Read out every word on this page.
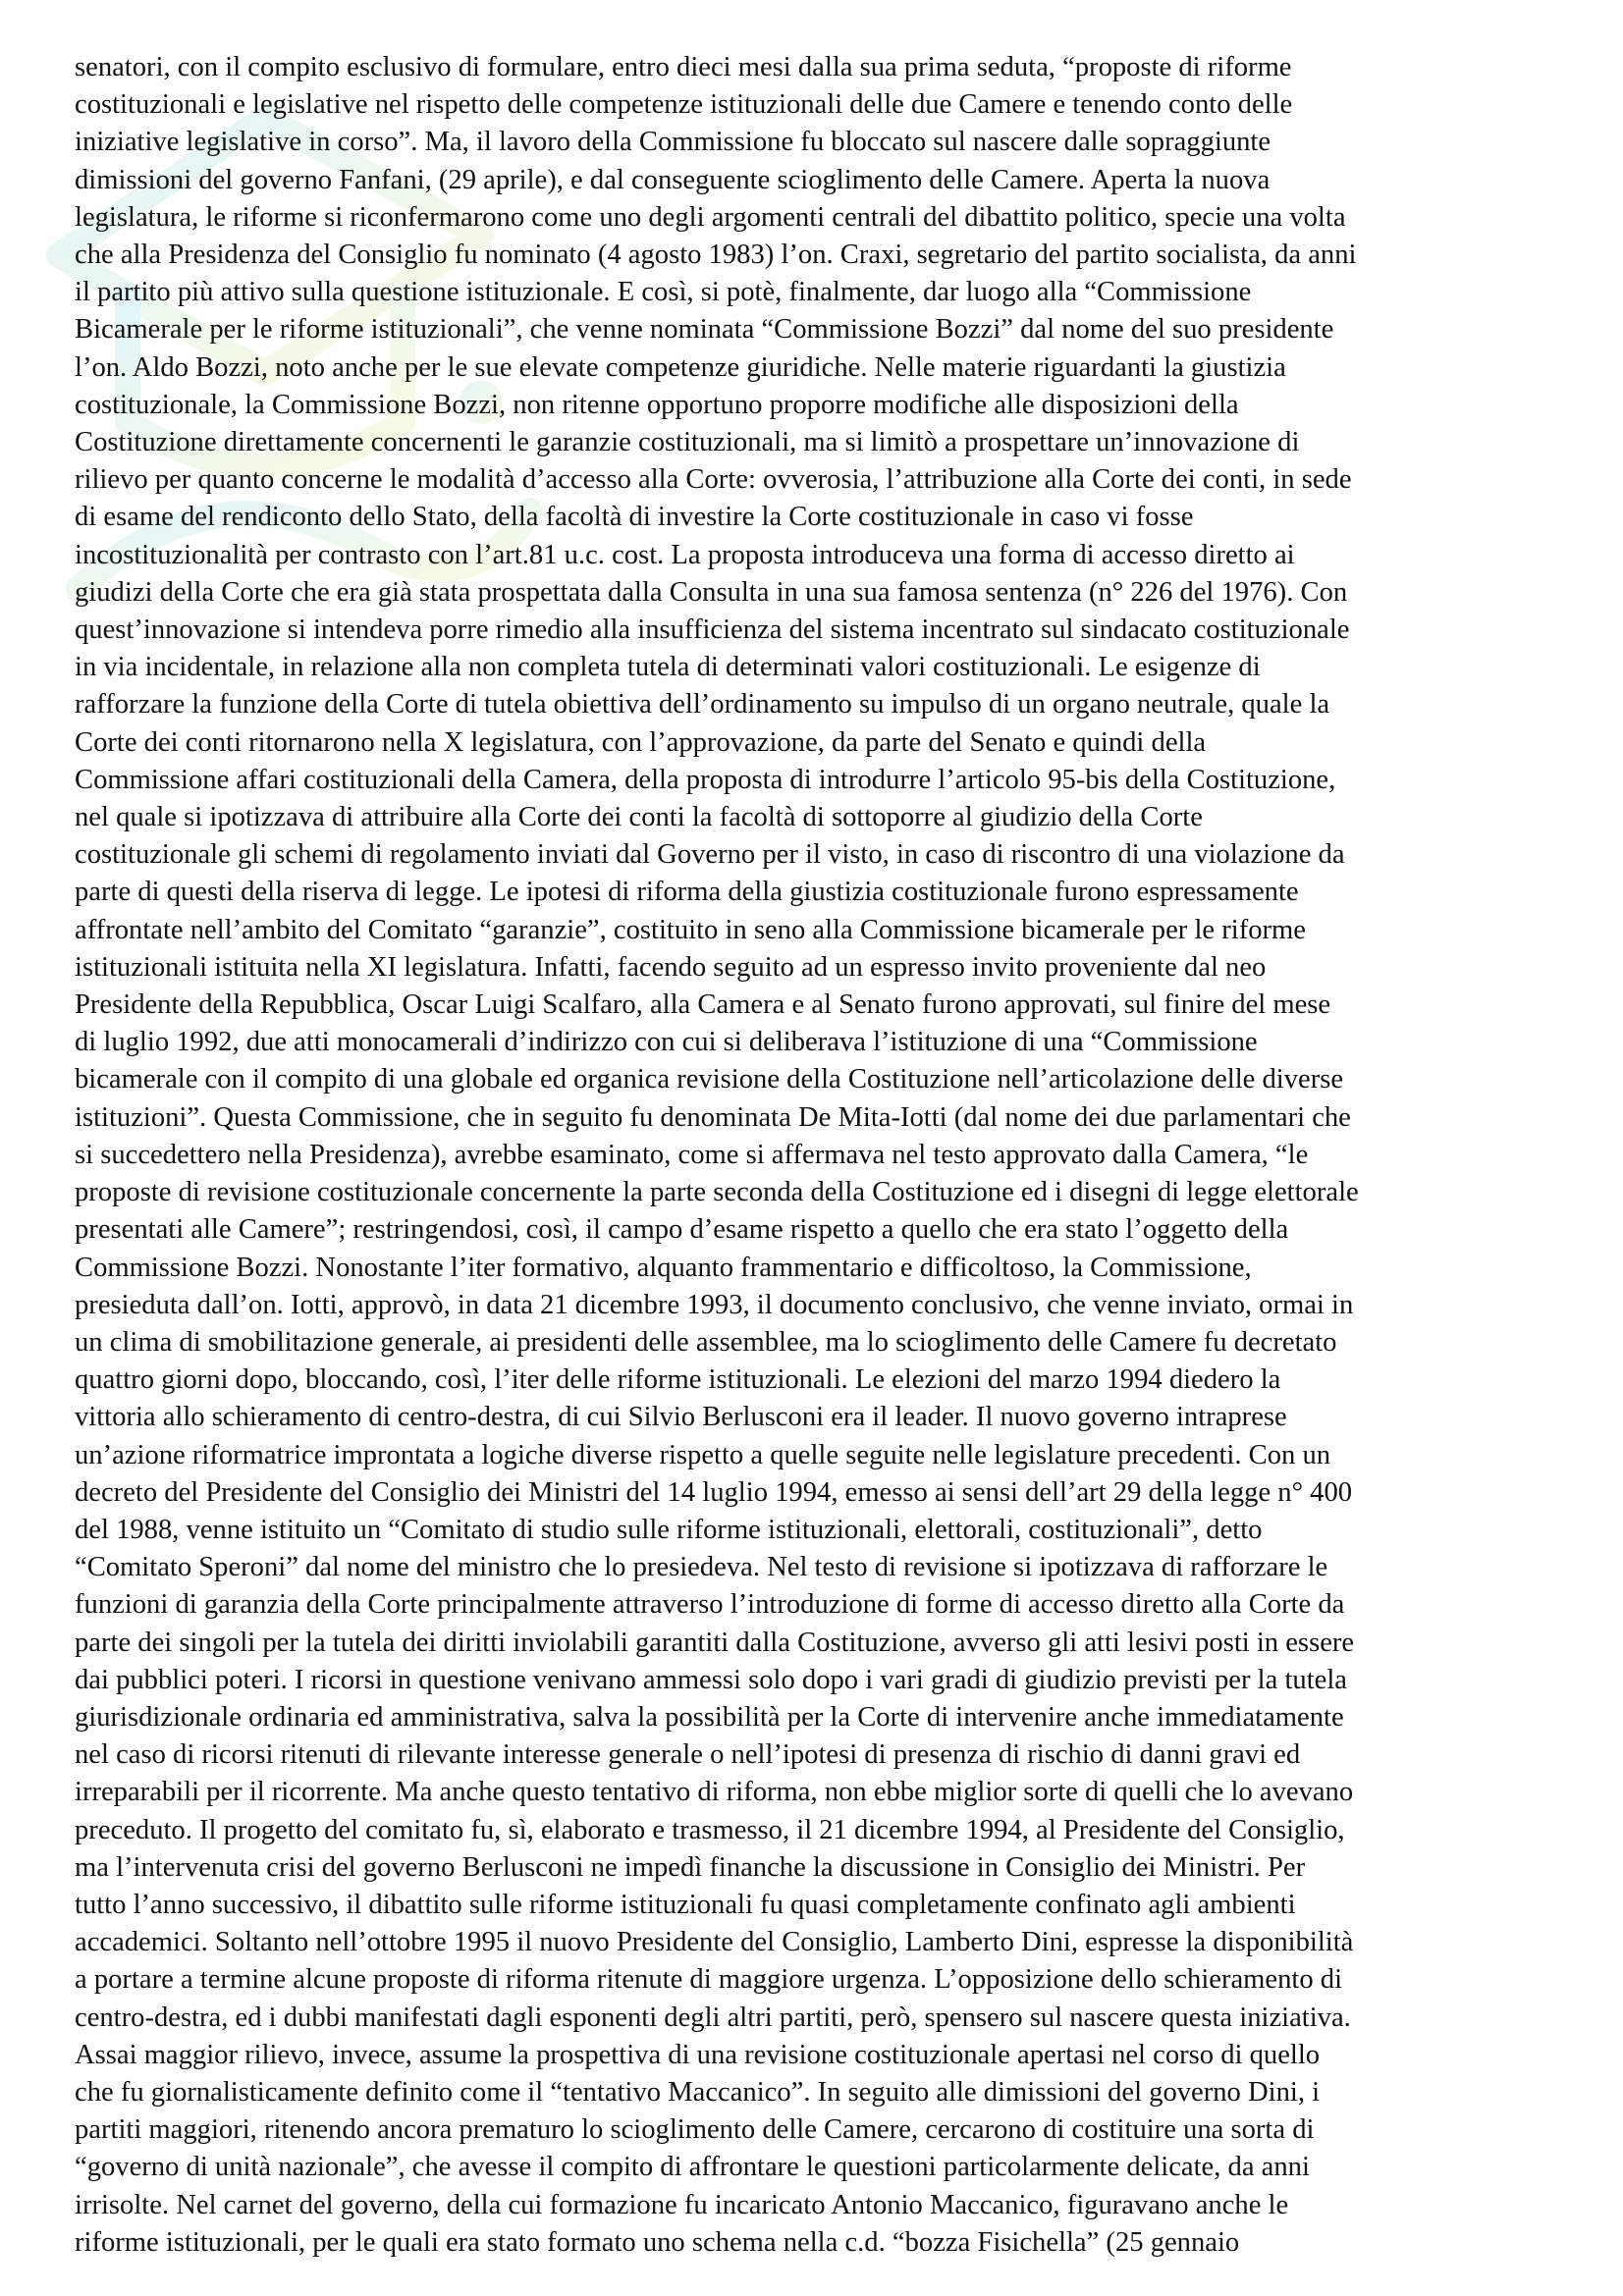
senatori, con il compito esclusivo di formulare, entro dieci mesi dalla sua prima seduta, “proposte di riforme
costituzionali e legislative nel rispetto delle competenze istituzionali delle due Camere e tenendo conto delle
iniziative legislative in corso”. Ma, il lavoro della Commissione fu bloccato sul nascere dalle sopraggiunte
dimissioni del governo Fanfani, (29 aprile), e dal conseguente scioglimento delle Camere. Aperta la nuova
legislatura, le riforme si riconfermarono come uno degli argomenti centrali del dibattito politico, specie una volta
che alla Presidenza del Consiglio fu nominato (4 agosto 1983) l’on. Craxi, segretario del partito socialista, da anni
il partito più attivo sulla questione istituzionale. E così, si potè, finalmente, dar luogo alla “Commissione
Bicamerale per le riforme istituzionali”, che venne nominata “Commissione Bozzi” dal nome del suo presidente
l’on. Aldo Bozzi, noto anche per le sue elevate competenze giuridiche. Nelle materie riguardanti la giustizia
costituzionale, la Commissione Bozzi, non ritenne opportuno proporre modifiche alle disposizioni della
Costituzione direttamente concernenti le garanzie costituzionali, ma si limitò a prospettare un’innovazione di
rilievo per quanto concerne le modalità d’accesso alla Corte: ovverosia, l’attribuzione alla Corte dei conti, in sede
di esame del rendiconto dello Stato, della facoltà di investire la Corte costituzionale in caso vi fosse
incostituzionalità per contrasto con l’art.81 u.c. cost. La proposta introduceva una forma di accesso diretto ai
giudizi della Corte che era già stata prospettata dalla Consulta in una sua famosa sentenza (n° 226 del 1976). Con
quest’innovazione si intendeva porre rimedio alla insufficienza del sistema incentrato sul sindacato costituzionale
in via incidentale, in relazione alla non completa tutela di determinati valori costituzionali. Le esigenze di
rafforzare la funzione della Corte di tutela obiettiva dell’ordinamento su impulso di un organo neutrale, quale la
Corte dei conti ritornarono nella X legislatura, con l’approvazione, da parte del Senato e quindi della
Commissione affari costituzionali della Camera, della proposta di introdurre l’articolo 95-bis della Costituzione,
nel quale si ipotizzava di attribuire alla Corte dei conti la facoltà di sottoporre al giudizio della Corte
costituzionale gli schemi di regolamento inviati dal Governo per il visto, in caso di riscontro di una violazione da
parte di questi della riserva di legge. Le ipotesi di riforma della giustizia costituzionale furono espressamente
affrontate nell’ambito del Comitato “garanzie”, costituito in seno alla Commissione bicamerale per le riforme
istituzionali istituita nella XI legislatura. Infatti, facendo seguito ad un espresso invito proveniente dal neo
Presidente della Repubblica, Oscar Luigi Scalfaro, alla Camera e al Senato furono approvati, sul finire del mese
di luglio 1992, due atti monocamerali d’indirizzo con cui si deliberava l’istituzione di una “Commissione
bicamerale con il compito di una globale ed organica revisione della Costituzione nell’articolazione delle diverse
istituzioni”. Questa Commissione, che in seguito fu denominata De Mita-Iotti (dal nome dei due parlamentari che
si succedettero nella Presidenza), avrebbe esaminato, come si affermava nel testo approvato dalla Camera, “le
proposte di revisione costituzionale concernente la parte seconda della Costituzione ed i disegni di legge elettorale
presentati alle Camere”; restringendosi, così, il campo d’esame rispetto a quello che era stato l’oggetto della
Commissione Bozzi. Nonostante l’iter formativo, alquanto frammentario e difficoltoso, la Commissione,
presieduta dall’on. Iotti, approvò, in data 21 dicembre 1993, il documento conclusivo, che venne inviato, ormai in
un clima di smobilitazione generale, ai presidenti delle assemblee, ma lo scioglimento delle Camere fu decretato
quattro giorni dopo, bloccando, così, l’iter delle riforme istituzionali. Le elezioni del marzo 1994 diedero la
vittoria allo schieramento di centro-destra, di cui Silvio Berlusconi era il leader. Il nuovo governo intraprese
un’azione riformatrice improntata a logiche diverse rispetto a quelle seguite nelle legislature precedenti. Con un
decreto del Presidente del Consiglio dei Ministri del 14 luglio 1994, emesso ai sensi dell’art 29 della legge n° 400
del 1988, venne istituito un “Comitato di studio sulle riforme istituzionali, elettorali, costituzionali”, detto
“Comitato Speroni” dal nome del ministro che lo presiedeva. Nel testo di revisione si ipotizzava di rafforzare le
funzioni di garanzia della Corte principalmente attraverso l’introduzione di forme di accesso diretto alla Corte da
parte dei singoli per la tutela dei diritti inviolabili garantiti dalla Costituzione, avverso gli atti lesivi posti in essere
dai pubblici poteri. I ricorsi in questione venivano ammessi solo dopo i vari gradi di giudizio previsti per la tutela
giurisdizionale ordinaria ed amministrativa, salva la possibilità per la Corte di intervenire anche immediatamente
nel caso di ricorsi ritenuti di rilevante interesse generale o nell’ipotesi di presenza di rischio di danni gravi ed
irreparabili per il ricorrente. Ma anche questo tentativo di riforma, non ebbe miglior sorte di quelli che lo avevano
preceduto. Il progetto del comitato fu, sì, elaborato e trasmesso, il 21 dicembre 1994, al Presidente del Consiglio,
ma l’intervenuta crisi del governo Berlusconi ne impedì finanche la discussione in Consiglio dei Ministri. Per
tutto l’anno successivo, il dibattito sulle riforme istituzionali fu quasi completamente confinato agli ambienti
accademici. Soltanto nell’ottobre 1995 il nuovo Presidente del Consiglio, Lamberto Dini, espresse la disponibilità
a portare a termine alcune proposte di riforma ritenute di maggiore urgenza. L’opposizione dello schieramento di
centro-destra, ed i dubbi manifestati dagli esponenti degli altri partiti, però, spensero sul nascere questa iniziativa.
Assai maggior rilievo, invece, assume la prospettiva di una revisione costituzionale apertasi nel corso di quello
che fu giornalisticamente definito come il “tentativo Maccanico”. In seguito alle dimissioni del governo Dini, i
partiti maggiori, ritenendo ancora prematuro lo scioglimento delle Camere, cercarono di costituire una sorta di
“governo di unità nazionale”, che avesse il compito di affrontare le questioni particolarmente delicate, da anni
irrisolte. Nel carnet del governo, della cui formazione fu incaricato Antonio Maccanico, figuravano anche le
riforme istituzionali, per le quali era stato formato uno schema nella c.d. “bozza Fisichella” (25 gennaio
